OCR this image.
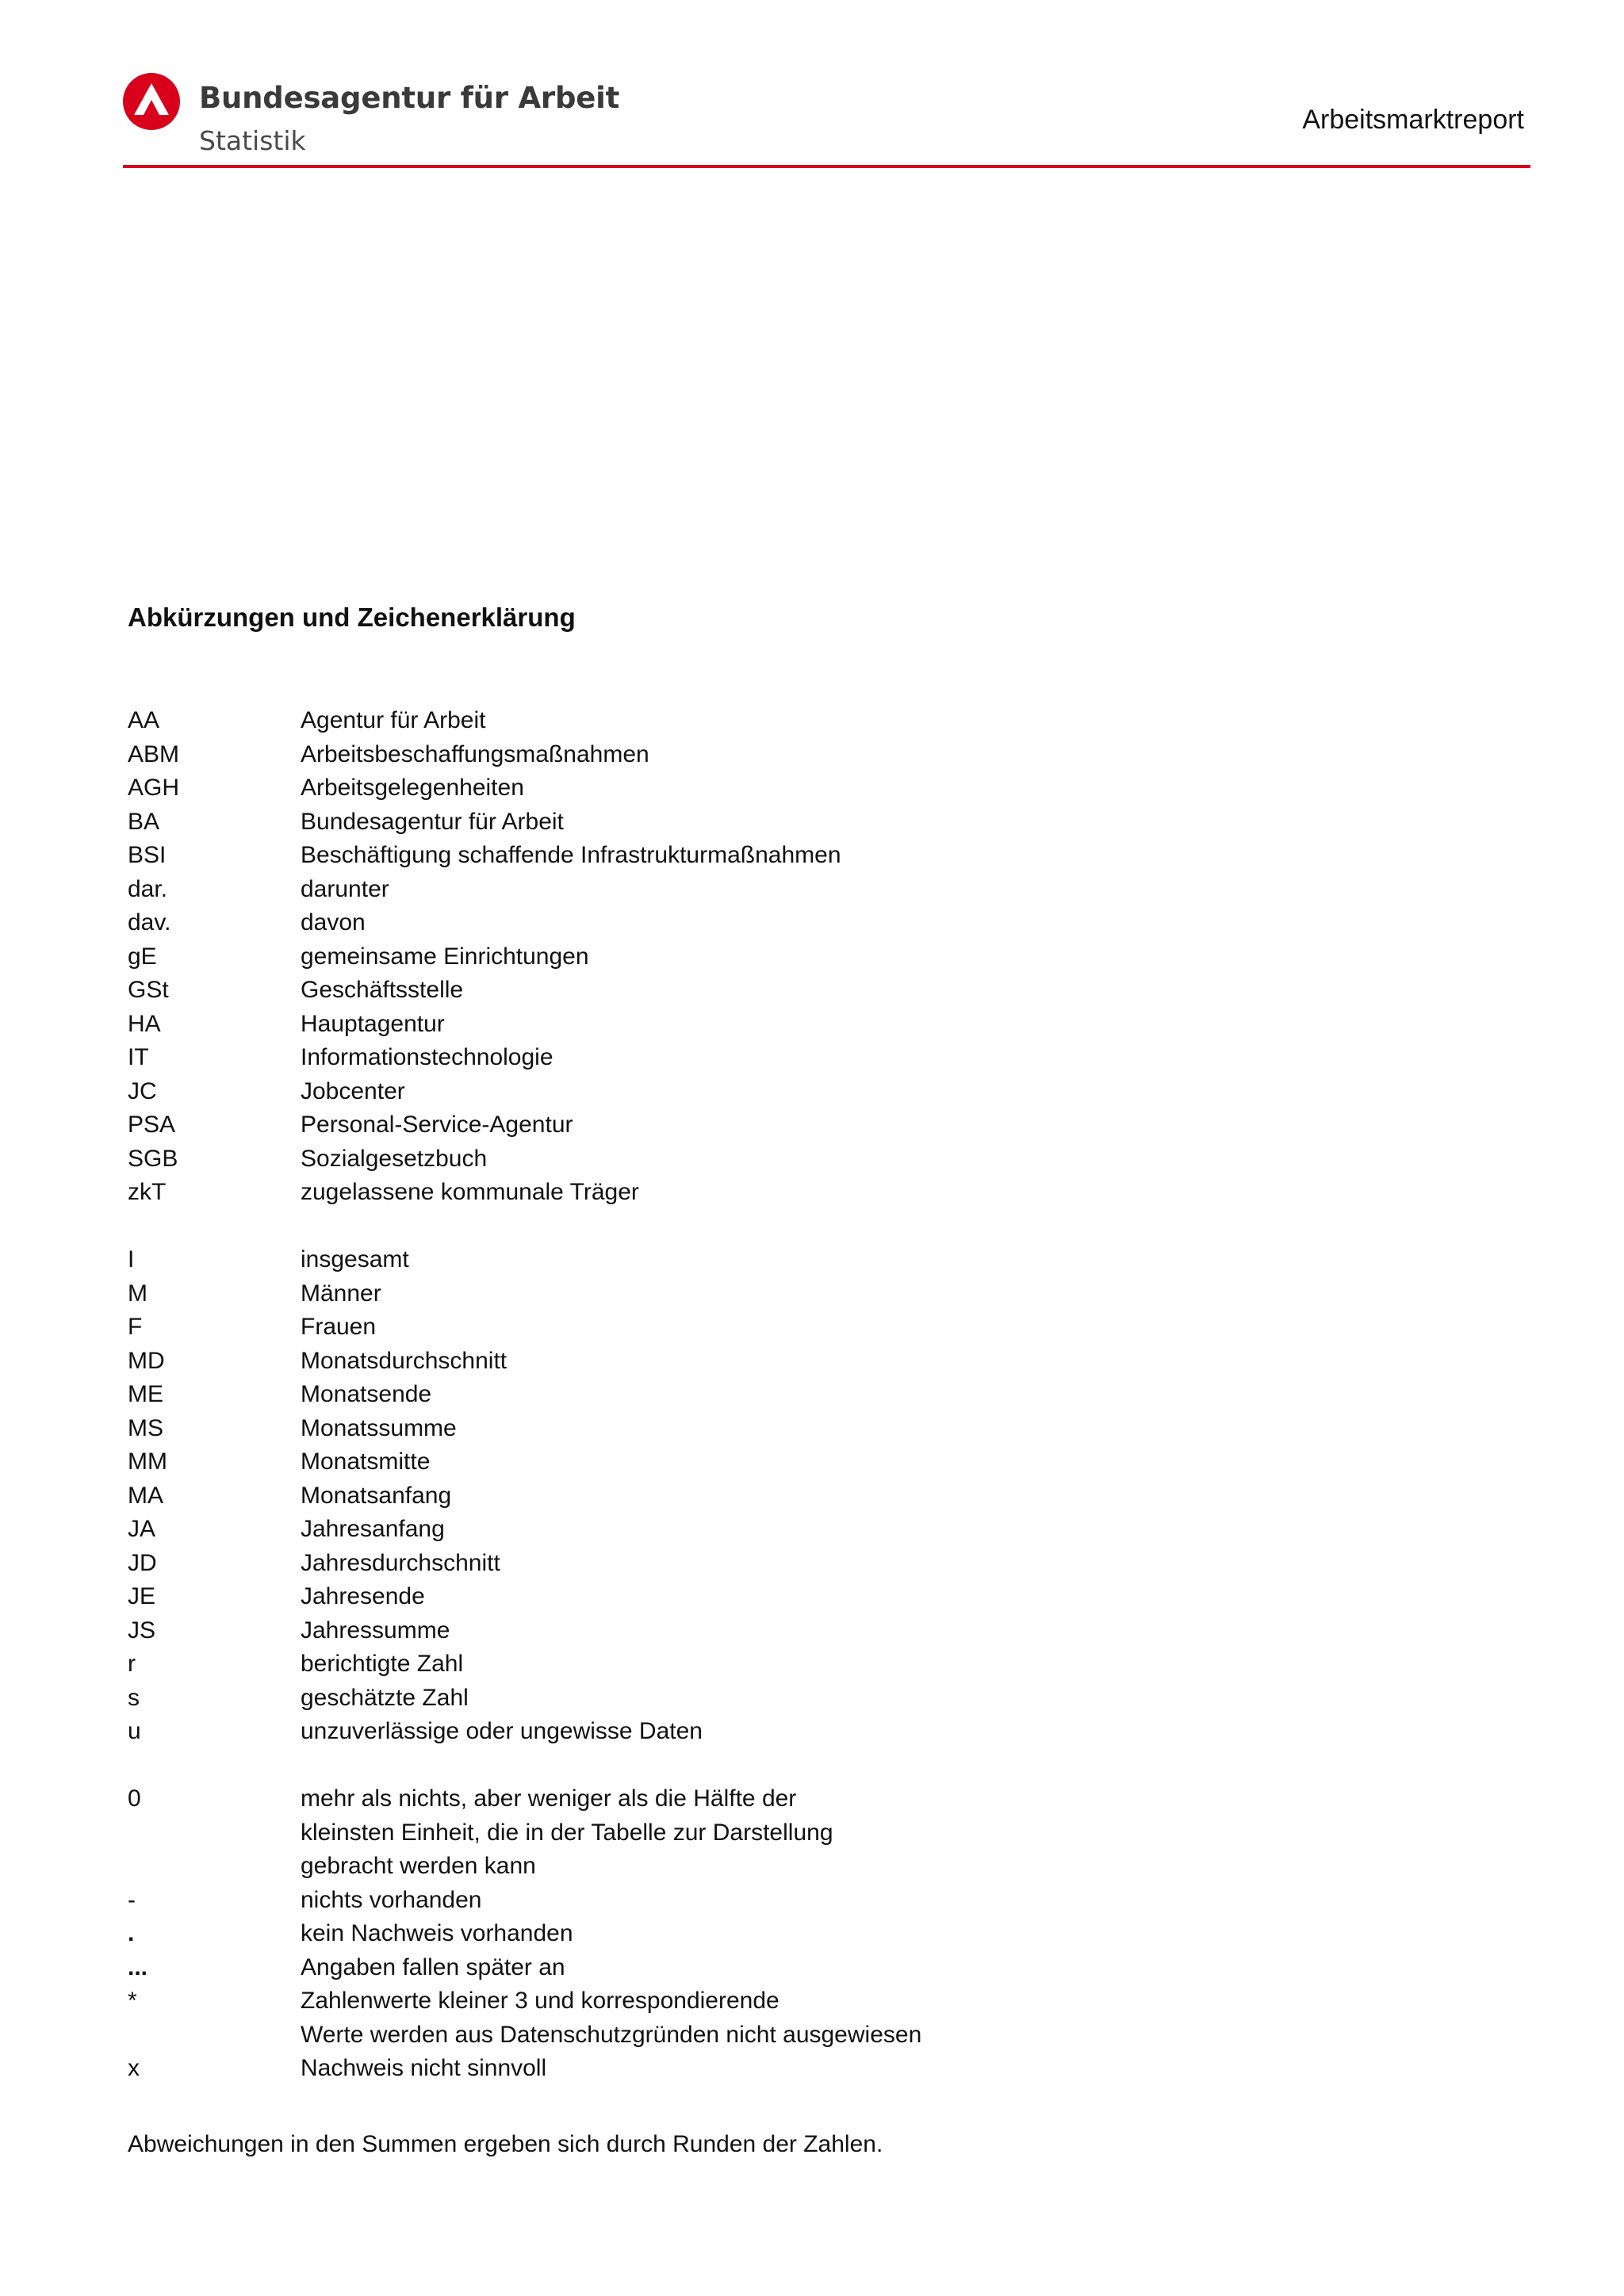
Bundesagentur für Arbeit
Statistik
Arbeitsmarktreport
Abkürzungen und Zeichenerklärung
AA	Agentur für Arbeit
ABM	Arbeitsbeschaffungsmaßnahmen
AGH	Arbeitsgelegenheiten
BA	Bundesagentur für Arbeit
BSI	Beschäftigung schaffende Infrastrukturmaßnahmen
dar.	darunter
dav.	davon
gE	gemeinsame Einrichtungen
GSt	Geschäftsstelle
HA	Hauptagentur
IT	Informationstechnologie
JC	Jobcenter
PSA	Personal-Service-Agentur
SGB	Sozialgesetzbuch
zkT	zugelassene kommunale Träger
I	insgesamt
M	Männer
F	Frauen
MD	Monatsdurchschnitt
ME	Monatsende
MS	Monatssumme
MM	Monatsmitte
MA	Monatsanfang
JA	Jahresanfang
JD	Jahresdurchschnitt
JE	Jahresende
JS	Jahressumme
r	berichtigte Zahl
s	geschätzte Zahl
u	unzuverlässige oder ungewisse Daten
0	mehr als nichts, aber weniger als die Hälfte der
kleinsten Einheit, die in der Tabelle zur Darstellung
gebracht werden kann
-	nichts vorhanden
.	kein Nachweis vorhanden
...	Angaben fallen später an
*	Zahlenwerte kleiner 3 und korrespondierende
Werte werden aus Datenschutzgründen nicht ausgewiesen
x	Nachweis nicht sinnvoll
Abweichungen in den Summen ergeben sich durch Runden der Zahlen.
